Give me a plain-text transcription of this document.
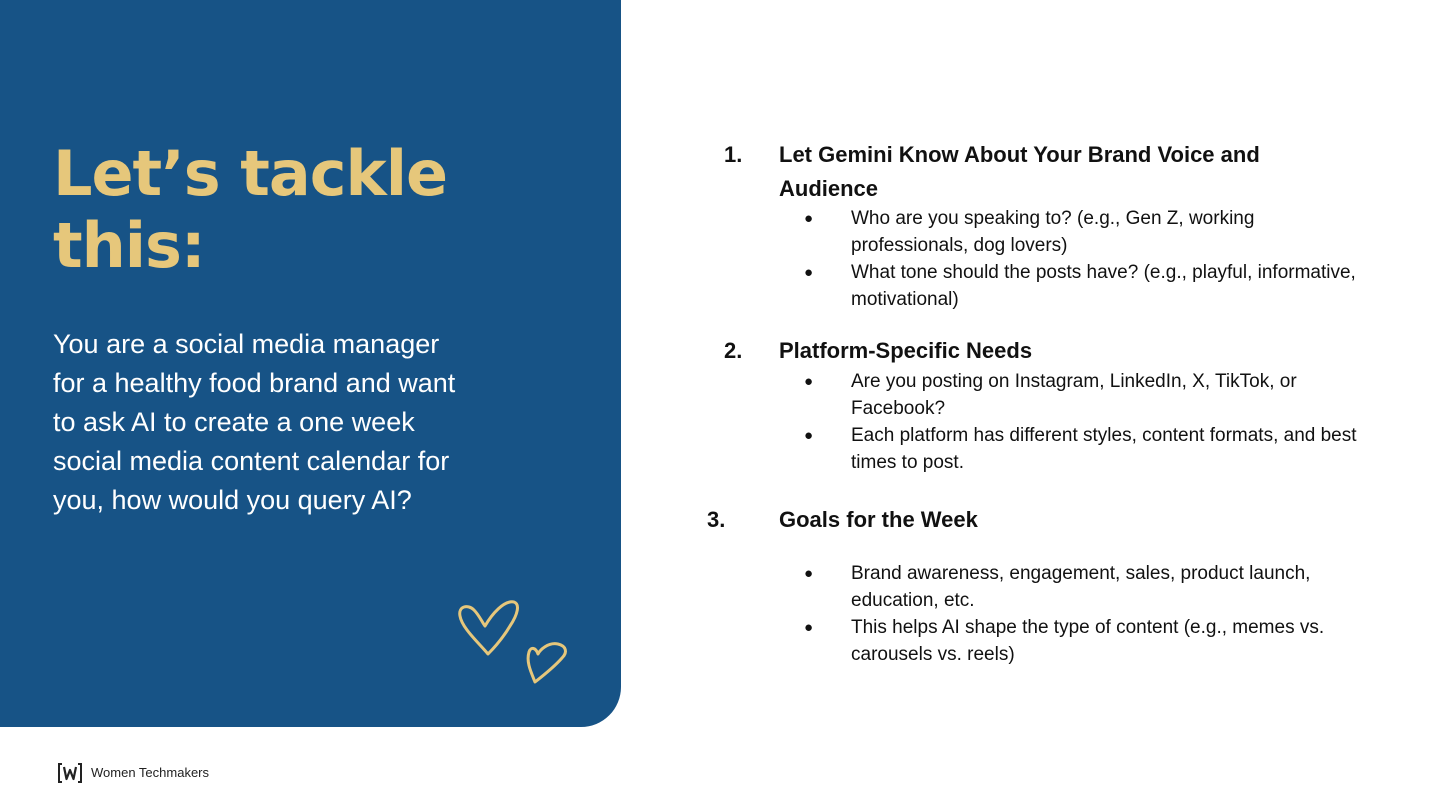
Let’s tackle this:

You are a social media manager for a healthy food brand and want to ask AI to create a one week social media content calendar for you, how would you query AI?

1. Let Gemini Know About Your Brand Voice and Audience
● Who are you speaking to? (e.g., Gen Z, working professionals, dog lovers)
● What tone should the posts have? (e.g., playful, informative, motivational)
2. Platform-Specific Needs
● Are you posting on Instagram, LinkedIn, X, TikTok, or Facebook?
● Each platform has different styles, content formats, and best times to post.
3. Goals for the Week
● Brand awareness, engagement, sales, product launch, education, etc.
● This helps AI shape the type of content (e.g., memes vs. carousels vs. reels)
Women Techmakers
